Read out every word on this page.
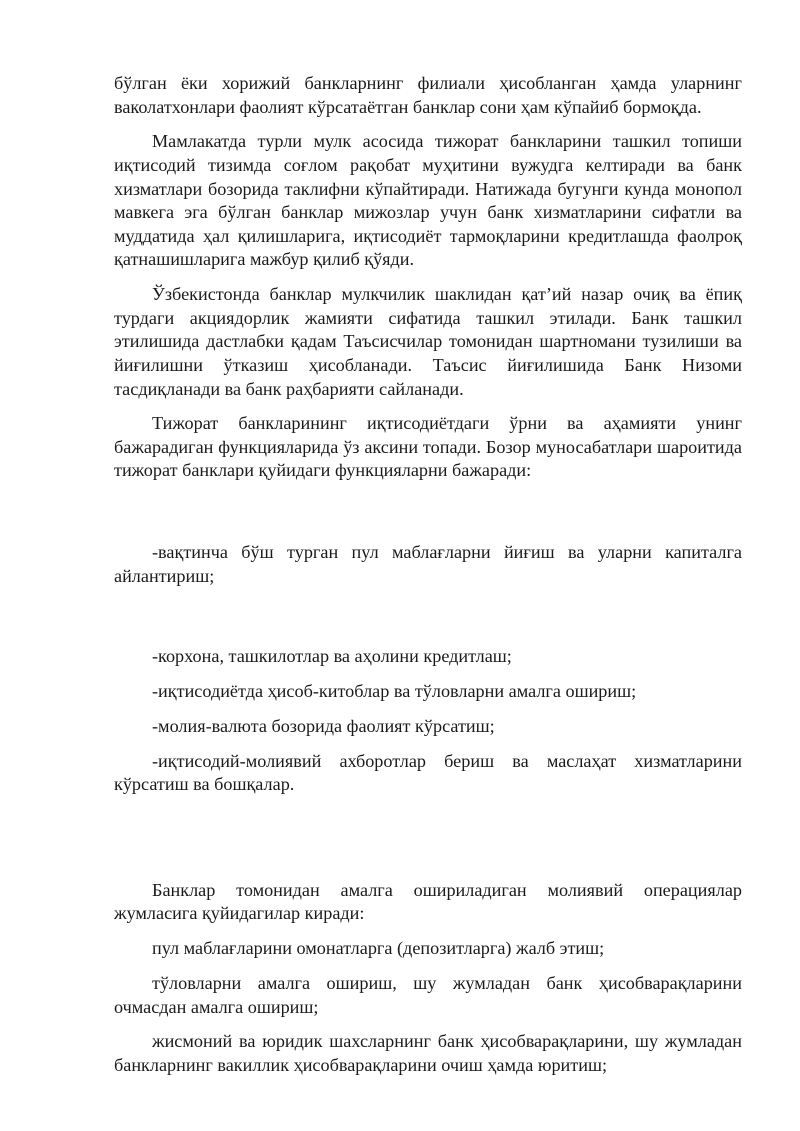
бўлган ёки хорижий банкларнинг филиали ҳисобланган ҳамда уларнинг ваколатхонлари фаолият кўрсатаётган банклар сони ҳам кўпайиб бормоқда.

Мамлакатда турли мулк асосида тижорат банкларини ташкил топиши иқтисодий тизимда соғлом рақобат муҳитини вужудга келтиради ва банк хизматлари бозорида таклифни кўпайтиради. Натижада бугунги кунда монопол мавкега эга бўлган банклар мижозлар учун банк хизматларини сифатли ва муддатида ҳал қилишларига, иқтисодиёт тармоқларини кредитлашда фаолроқ қатнашишларига мажбур қилиб қўяди.

Ўзбекистонда банклар мулкчилик шаклидан қат’ий назар очиқ ва ёпиқ турдаги акциядорлик жамияти сифатида ташкил этилади. Банк ташкил этилишида дастлабки қадам Таъсисчилар томонидан шартномани тузилиши ва йиғилишни ўтказиш ҳисобланади. Таъсис йиғилишида Банк Низоми тасдиқланади ва банк раҳбарияти сайланади.

Тижорат банкларининг иқтисодиётдаги ўрни ва аҳамияти унинг бажарадиган функцияларида ўз аксини топади. Бозор муносабатлари шароитида тижорат банклари қуйидаги функцияларни бажаради:

-вақтинча бўш турган пул маблағларни йиғиш ва уларни капиталга айлантириш;

-корхона, ташкилотлар ва аҳолини кредитлаш;

-иқтисодиётда ҳисоб-китоблар ва тўловларни амалга ошириш;

-молия-валюта бозорида фаолият кўрсатиш;

-иқтисодий-молиявий ахборотлар бериш ва маслаҳат хизматларини кўрсатиш ва бошқалар.

Банклар томонидан амалга ошириладиган молиявий операциялар жумласига қуйидагилар киради:

пул маблағларини омонатларга (депозитларга) жалб этиш;

тўловларни амалга ошириш, шу жумладан банк ҳисобварақларини очмасдан амалга ошириш;

жисмоний ва юридик шахсларнинг банк ҳисобварақларини, шу жумладан банкларнинг вакиллик ҳисобварақларини очиш ҳамда юритиш;
